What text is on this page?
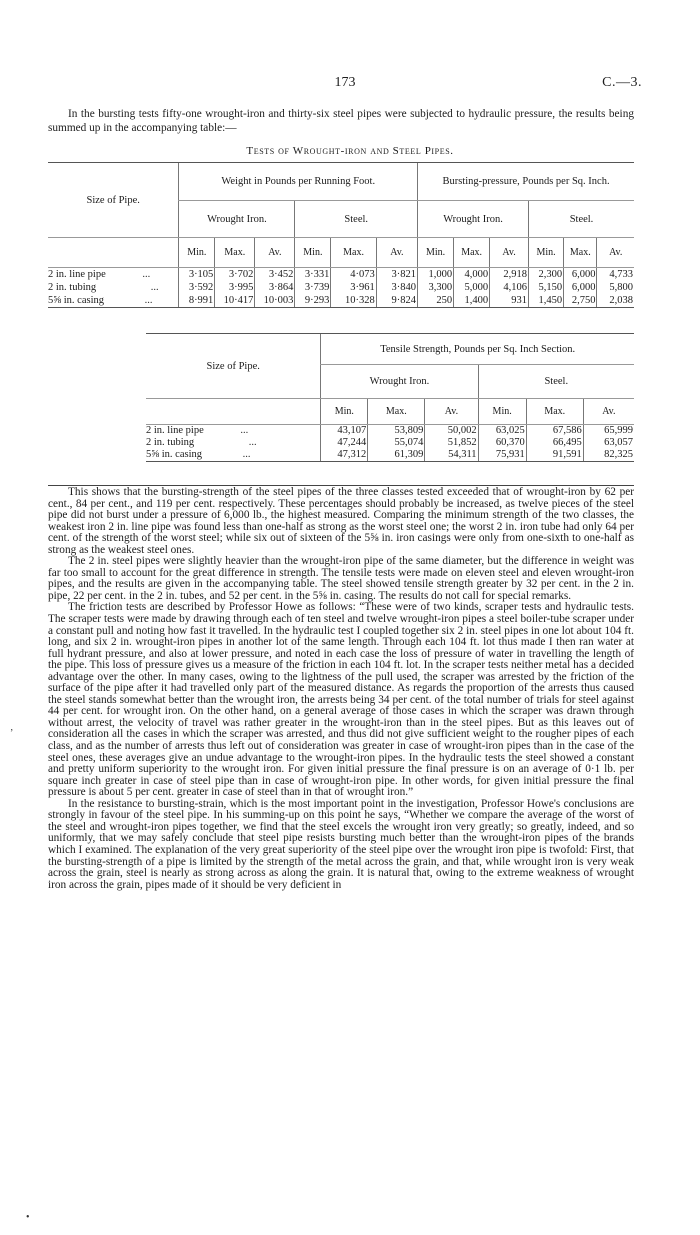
173	C.—3.

In the bursting tests fifty-one wrought-iron and thirty-six steel pipes were subjected to hydraulic pressure, the results being summed up in the accompanying table:—

Tests of Wrought-iron and Steel Pipes.
Size of Pipe.	Weight in Pounds per Running Foot.						Bursting-pressure, Pounds per Sq. Inch.					
	Wrought Iron.			Steel.			Wrought Iron.			Steel.		
	Min.	Max.	Av.	Min.	Max.	Av.	Min.	Max.	Av.	Min.	Max.	Av.
2 in. line pipe ...	3·105	3·702	3·452	3·331	4·073	3·821	1,000	4,000	2,918	2,300	6,000	4,733
2 in. tubing ...	3·592	3·995	3·864	3·739	3·961	3·840	3,300	5,000	4,106	5,150	6,000	5,800
5⅝ in. casing ...	8·991	10·417	10·003	9·293	10·328	9·824	250	1,400	931	1,450	2,750	2,038
Size of Pipe.	Tensile Strength, Pounds per Sq. Inch Section.					
	Wrought Iron.			Steel.		
	Min.	Max.	Av.	Min.	Max.	Av.
2 in. line pipe ...	43,107	53,809	50,002	63,025	67,586	65,999
2 in. tubing ...	47,244	55,074	51,852	60,370	66,495	63,057
5⅝ in. casing ...	47,312	61,309	54,311	75,931	91,591	82,325

This shows that the bursting-strength of the steel pipes of the three classes tested exceeded that of wrought-iron by 62 per cent., 84 per cent., and 119 per cent. respectively. These percentages should probably be increased, as twelve pieces of the steel pipe did not burst under a pressure of 6,000 lb., the highest measured. Comparing the minimum strength of the two classes, the weakest iron 2 in. line pipe was found less than one-half as strong as the worst steel one; the worst 2 in. iron tube had only 64 per cent. of the strength of the worst steel; while six out of sixteen of the 5⅝ in. iron casings were only from one-sixth to one-half as strong as the weakest steel ones.

The 2 in. steel pipes were slightly heavier than the wrought-iron pipe of the same diameter, but the difference in weight was far too small to account for the great difference in strength. The tensile tests were made on eleven steel and eleven wrought-iron pipes, and the results are given in the accompanying table. The steel showed tensile strength greater by 32 per cent. in the 2 in. pipe, 22 per cent. in the 2 in. tubes, and 52 per cent. in the 5⅝ in. casing. The results do not call for special remarks.

The friction tests are described by Professor Howe as follows: “These were of two kinds, scraper tests and hydraulic tests. The scraper tests were made by drawing through each of ten steel and twelve wrought-iron pipes a steel boiler-tube scraper under a constant pull and noting how fast it travelled. In the hydraulic test I coupled together six 2 in. steel pipes in one lot about 104 ft. long, and six 2 in. wrought-iron pipes in another lot of the same length. Through each 104 ft. lot thus made I then ran water at full hydrant pressure, and also at lower pressure, and noted in each case the loss of pressure of water in travelling the length of the pipe. This loss of pressure gives us a measure of the friction in each 104 ft. lot. In the scraper tests neither metal has a decided advantage over the other. In many cases, owing to the lightness of the pull used, the scraper was arrested by the friction of the surface of the pipe after it had travelled only part of the measured distance. As regards the proportion of the arrests thus caused the steel stands somewhat better than the wrought iron, the arrests being 34 per cent. of the total number of trials for steel against 44 per cent. for wrought iron. On the other hand, on a general average of those cases in which the scraper was drawn through without arrest, the velocity of travel was rather greater in the wrought-iron than in the steel pipes. But as this leaves out of consideration all the cases in which the scraper was arrested, and thus did not give sufficient weight to the rougher pipes of each class, and as the number of arrests thus left out of consideration was greater in case of wrought-iron pipes than in the case of the steel ones, these averages give an undue advantage to the wrought-iron pipes. In the hydraulic tests the steel showed a constant and pretty uniform superiority to the wrought iron. For given initial pressure the final pressure is on an average of 0·1 lb. per square inch greater in case of steel pipe than in case of wrought-iron pipe. In other words, for given initial pressure the final pressure is about 5 per cent. greater in case of steel than in that of wrought iron.”

In the resistance to bursting-strain, which is the most important point in the investigation, Professor Howe's conclusions are strongly in favour of the steel pipe. In his summing-up on this point he says, “Whether we compare the average of the worst of the steel and wrought-iron pipes together, we find that the steel excels the wrought iron very greatly; so greatly, indeed, and so uniformly, that we may safely conclude that steel pipe resists bursting much better than the wrought-iron pipes of the brands which I examined. The explanation of the very great superiority of the steel pipe over the wrought iron pipe is twofold: First, that the bursting-strength of a pipe is limited by the strength of the metal across the grain, and that, while wrought iron is very weak across the grain, steel is nearly as strong across as along the grain. It is natural that, owing to the extreme weakness of wrought iron across the grain, pipes made of it should be very deficient in

’
•
